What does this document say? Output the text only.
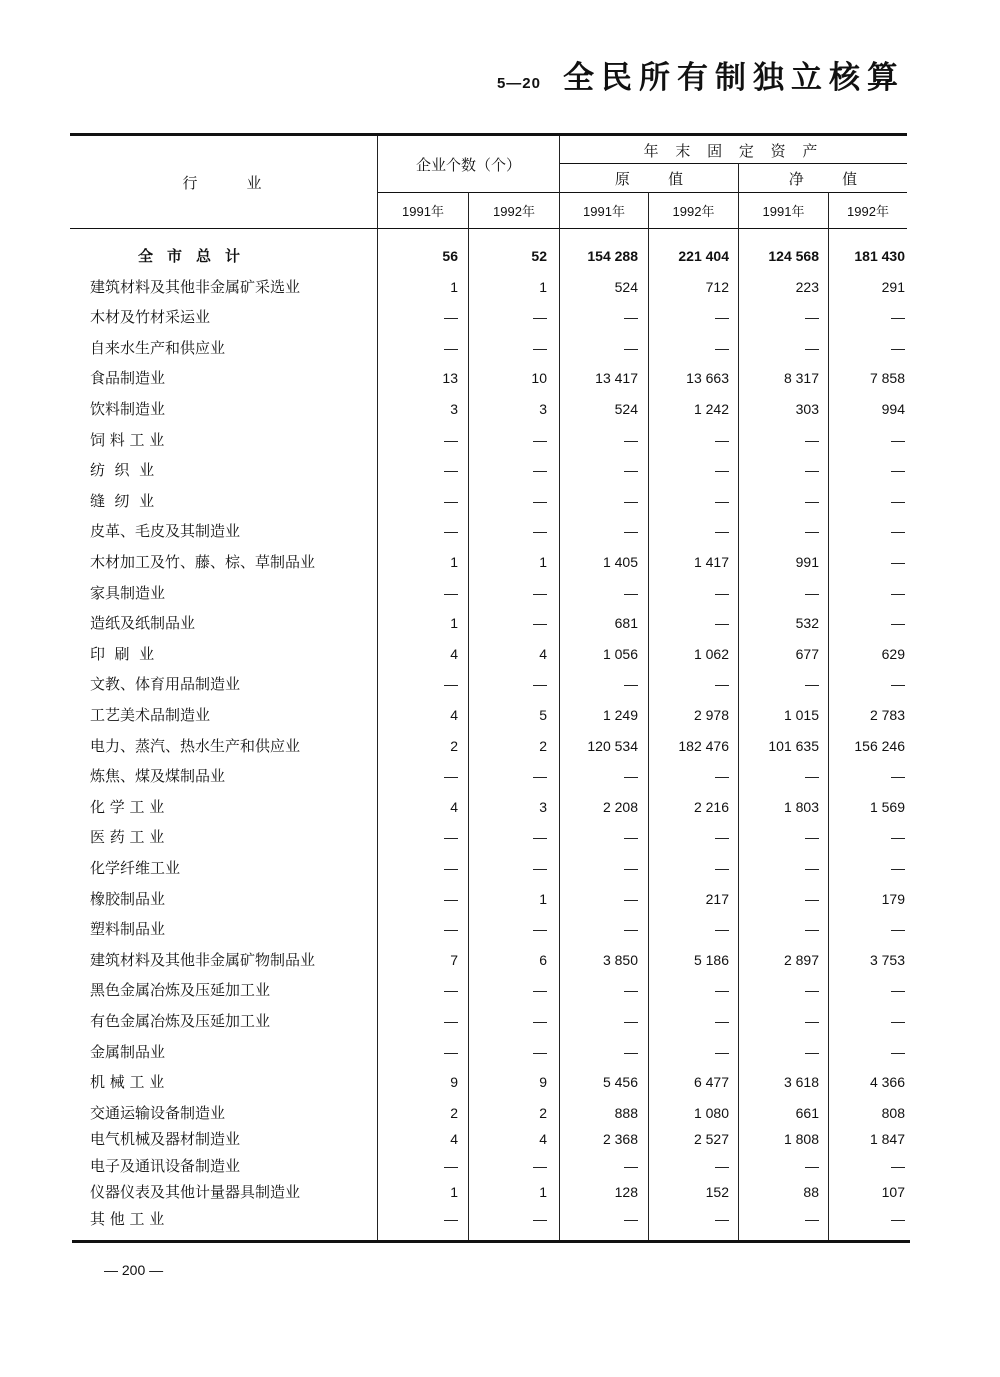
5—20 全民所有制独立核算
行    业
企业个数（个）
年 末 固 定 资 产
原        值	净        值
1991年	1992年	1991年	1992年	1991年	1992年
全市总计	56	52	154 288	221 404	124 568	181 430
建筑材料及其他非金属矿采选业	1	1	524	712	223	291
木材及竹材采运业	—	—	—	—	—	—
自来水生产和供应业	—	—	—	—	—	—
食品制造业	13	10	13 417	13 663	8 317	7 858
饮料制造业	3	3	524	1 242	303	994
饲 料 工 业	—	—	—	—	—	—
纺  织  业	—	—	—	—	—	—
缝  纫  业	—	—	—	—	—	—
皮革、毛皮及其制造业	—	—	—	—	—	—
木材加工及竹、藤、棕、草制品业	1	1	1 405	1 417	991	—
家具制造业	—	—	—	—	—	—
造纸及纸制品业	1	—	681	—	532	—
印  刷  业	4	4	1 056	1 062	677	629
文教、体育用品制造业	—	—	—	—	—	—
工艺美术品制造业	4	5	1 249	2 978	1 015	2 783
电力、蒸汽、热水生产和供应业	2	2	120 534	182 476	101 635	156 246
炼焦、煤及煤制品业	—	—	—	—	—	—
化 学 工 业	4	3	2 208	2 216	1 803	1 569
医 药 工 业	—	—	—	—	—	—
化学纤维工业	—	—	—	—	—	—
橡胶制品业	—	1	—	217	—	179
塑料制品业	—	—	—	—	—	—
建筑材料及其他非金属矿物制品业	7	6	3 850	5 186	2 897	3 753
黑色金属冶炼及压延加工业	—	—	—	—	—	—
有色金属冶炼及压延加工业	—	—	—	—	—	—
金属制品业	—	—	—	—	—	—
机 械 工 业	9	9	5 456	6 477	3 618	4 366
交通运输设备制造业	2	2	888	1 080	661	808
电气机械及器材制造业	4	4	2 368	2 527	1 808	1 847
电子及通讯设备制造业	—	—	—	—	—	—
仪器仪表及其他计量器具制造业	1	1	128	152	88	107
其 他 工 业	—	—	—	—	—	—
— 200 —
